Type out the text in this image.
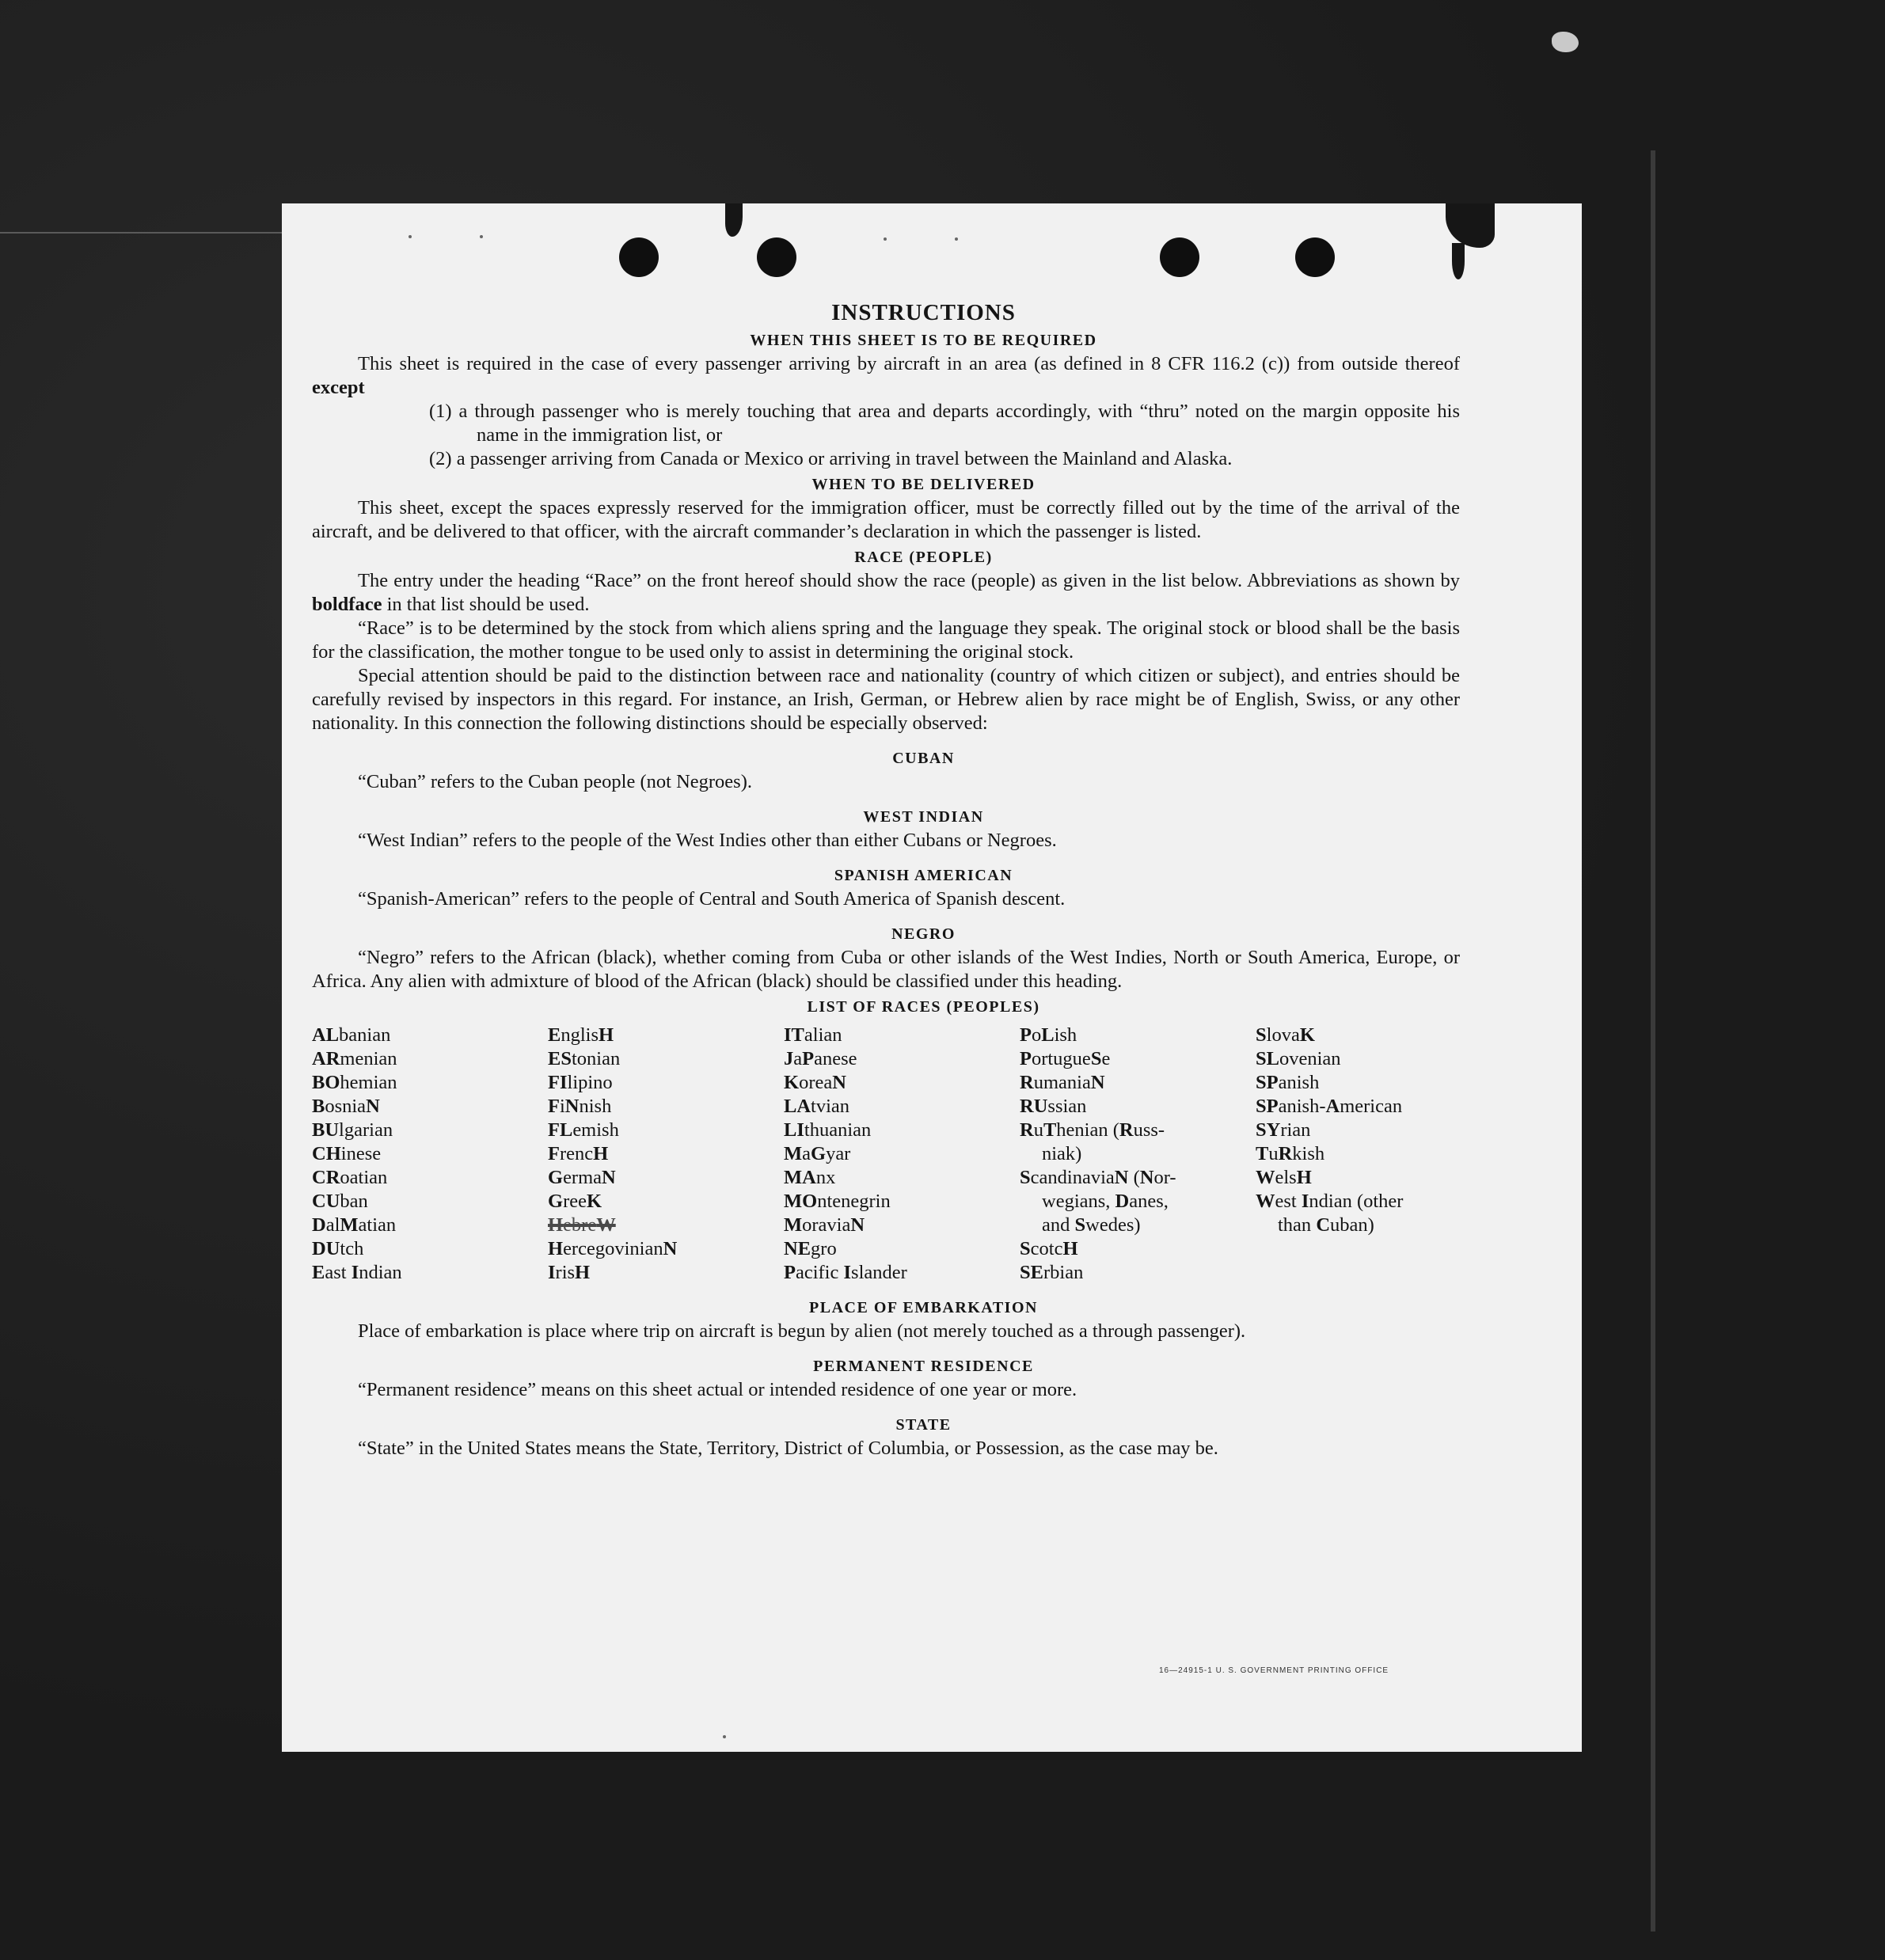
INSTRUCTIONS
WHEN THIS SHEET IS TO BE REQUIRED

This sheet is required in the case of every passenger arriving by aircraft in an area (as defined in 8 CFR 116.2 (c)) from outside thereof except

(1) a through passenger who is merely touching that area and departs accordingly, with “thru” noted on the margin opposite his name in the immigration list, or

(2) a passenger arriving from Canada or Mexico or arriving in travel between the Mainland and Alaska.

WHEN TO BE DELIVERED

This sheet, except the spaces expressly reserved for the immigration officer, must be correctly filled out by the time of the arrival of the aircraft, and be delivered to that officer, with the aircraft commander’s declaration in which the passenger is listed.

RACE (PEOPLE)

The entry under the heading “Race” on the front hereof should show the race (people) as given in the list below. Abbreviations as shown by boldface in that list should be used.

“Race” is to be determined by the stock from which aliens spring and the language they speak. The original stock or blood shall be the basis for the classification, the mother tongue to be used only to assist in determining the original stock.

Special attention should be paid to the distinction between race and nationality (country of which citizen or subject), and entries should be carefully revised by inspectors in this regard. For instance, an Irish, German, or Hebrew alien by race might be of English, Swiss, or any other nationality. In this connection the following distinctions should be especially observed:

CUBAN

“Cuban” refers to the Cuban people (not Negroes).

WEST INDIAN

“West Indian” refers to the people of the West Indies other than either Cubans or Negroes.

SPANISH AMERICAN

“Spanish-American” refers to the people of Central and South America of Spanish descent.

NEGRO

“Negro” refers to the African (black), whether coming from Cuba or other islands of the West Indies, North or South America, Europe, or Africa. Any alien with admixture of blood of the African (black) should be classified under this heading.

LIST OF RACES (PEOPLES)
ALbanian
ARmenian
BOhemian
BosniaN
BUlgarian
CHinese
CRoatian
CUban
DalMatian
DUtch
East Indian
EnglisH
EStonian
FIlipino
FiNnish
FLemish
FrencH
GermaN
GreeK
HebreW
HercegovinianN
IrisH
ITalian
JaPanese
KoreaN
LAtvian
LIthuanian
MaGyar
MAnx
MOntenegrin
MoraviaN
NEgro
Pacific Islander
PoLish
PortugueSe
RumaniaN
RUssian
RuThenian (Russ-
niak)
ScandinaviaN (Nor-
wegians, Danes,
and Swedes)
ScotcH
SErbian
SlovaK
SLovenian
SPanish
SPanish-American
SYrian
TuRkish
WelsH
West Indian (other
than Cuban)
PLACE OF EMBARKATION

Place of embarkation is place where trip on aircraft is begun by alien (not merely touched as a through passenger).

PERMANENT RESIDENCE

“Permanent residence” means on this sheet actual or intended residence of one year or more.

STATE

“State” in the United States means the State, Territory, District of Columbia, or Possession, as the case may be.

16—24915-1 U. S. GOVERNMENT PRINTING OFFICE
